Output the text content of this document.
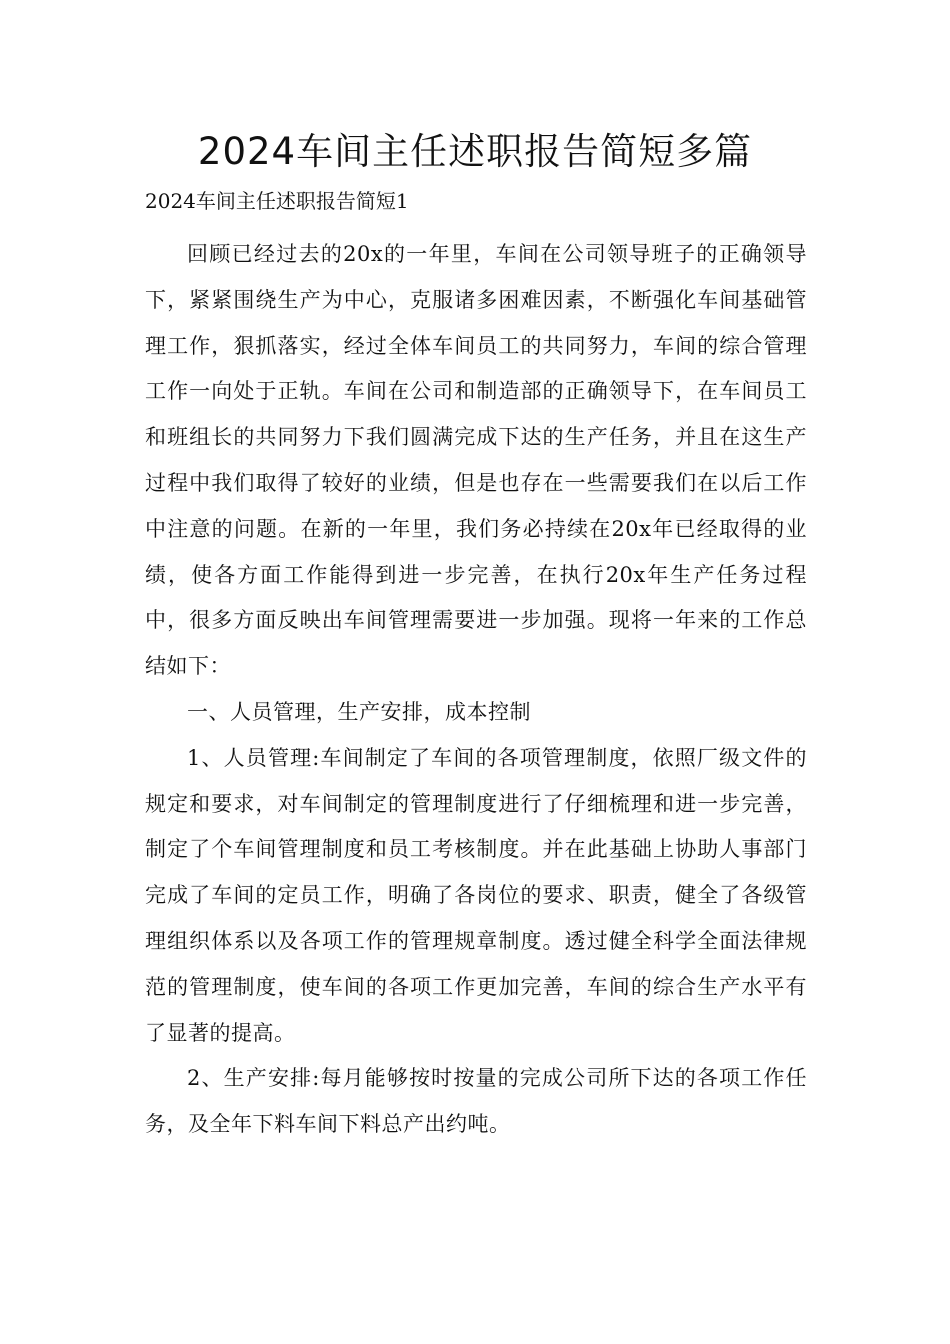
2024车间主任述职报告简短多篇

2024车间主任述职报告简短1

回顾已经过去的20x的一年里，车间在公司领导班子的正确领导下，紧紧围绕生产为中心，克服诸多困难因素，不断强化车间基础管理工作，狠抓落实，经过全体车间员工的共同努力，车间的综合管理工作一向处于正轨。车间在公司和制造部的正确领导下，在车间员工和班组长的共同努力下我们圆满完成下达的生产任务，并且在这生产过程中我们取得了较好的业绩，但是也存在一些需要我们在以后工作中注意的问题。在新的一年里，我们务必持续在20x年已经取得的业绩，使各方面工作能得到进一步完善，在执行20x年生产任务过程中，很多方面反映出车间管理需要进一步加强。现将一年来的工作总结如下：

一、人员管理，生产安排，成本控制

1、人员管理:车间制定了车间的各项管理制度，依照厂级文件的规定和要求，对车间制定的管理制度进行了仔细梳理和进一步完善，制定了个车间管理制度和员工考核制度。并在此基础上协助人事部门完成了车间的定员工作，明确了各岗位的要求、职责，健全了各级管理组织体系以及各项工作的管理规章制度。透过健全科学全面法律规范的管理制度，使车间的各项工作更加完善，车间的综合生产水平有了显著的提高。

2、生产安排:每月能够按时按量的完成公司所下达的各项工作任务，及全年下料车间下料总产出约吨。
